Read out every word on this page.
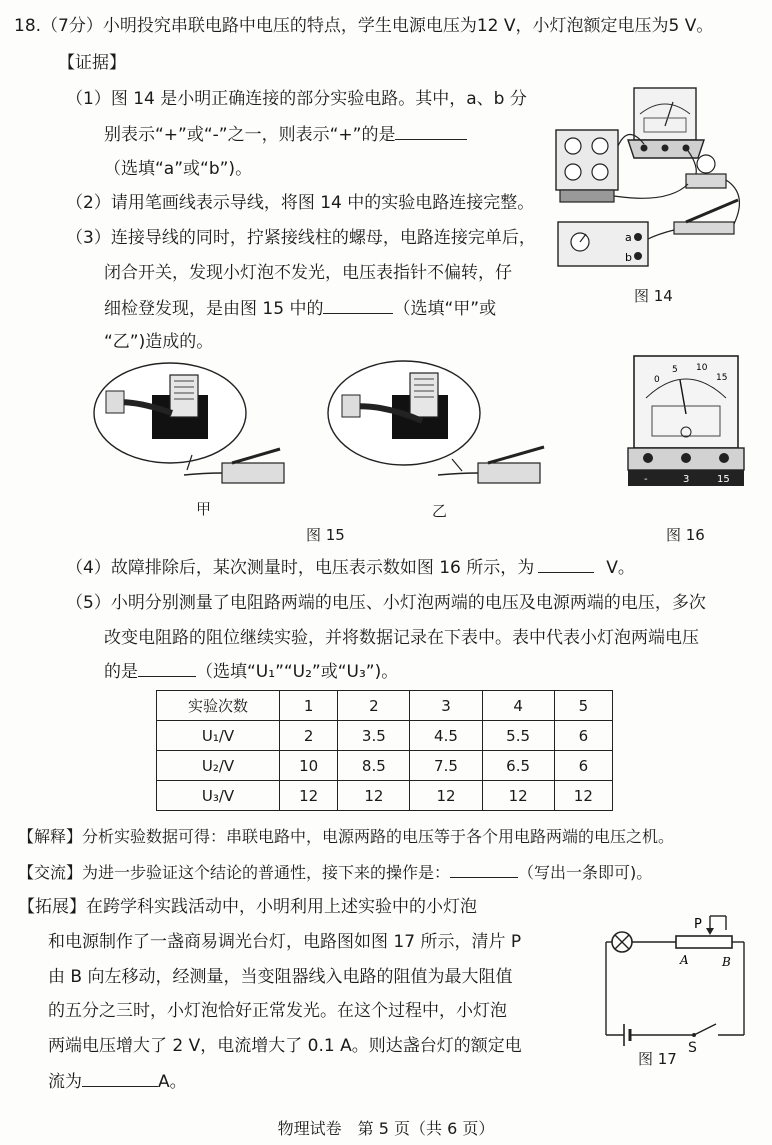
18.（7分）小明投究串联电路中电压的特点，学生电源电压为12 V，小灯泡额定电压为5 V。
【证据】
（1）图 14 是小明正确连接的部分实验电路。其中，a、b 分
别表示“+”或“-”之一，则表示“+”的是
（选填“a”或“b”)。
（2）请用笔画线表示导线，将图 14 中的实验电路连接完整。
（3）连接导线的同时，拧紧接线柱的螺母，电路连接完单后，
闭合开关，发现小灯泡不发光，电压表指针不偏转，仔
细检登发现，是由图 15 中的	（选填“甲”或
“乙”)造成的。
a
b
图 14
甲	乙
图 15
0
5 10
15
-	3	15
图 16
（4）故障排除后，某次测量时，电压表示数如图 16 所示，为	V。
（5）小明分别测量了电阻路两端的电压、小灯泡两端的电压及电源两端的电压，多次
改变电阻路的阻位继续实验，并将数据记录在下表中。表中代表小灯泡两端电压
的是	（选填“U₁”“U₂”或“U₃”)。
实验次数	1	2	3	4	5
U₁/V	2	3.5	4.5	5.5	6
U₂/V	10	8.5	7.5	6.5	6
U₃/V	12	12	12	12	12
【解释】分析实验数据可得：串联电路中，电源两路的电压等于各个用电路两端的电压之机。
【交流】为进一步验证这个结论的普通性，接下来的操作是：	（写出一条即可)。
【拓展】在跨学科实践活动中，小明利用上述实验中的小灯泡
和电源制作了一盏商易调光台灯，电路图如图 17 所示，清片 P
由 B 向左移动，经测量，当变阻器线入电路的阻值为最大阻值
的五分之三时，小灯泡恰好正常发光。在这个过程中，小灯泡
两端电压增大了 2 V，电流增大了 0.1 A。则达盏台灯的额定电
流为	A。
P
A	B
S
图 17
物理试卷　第 5 页（共 6 页）
